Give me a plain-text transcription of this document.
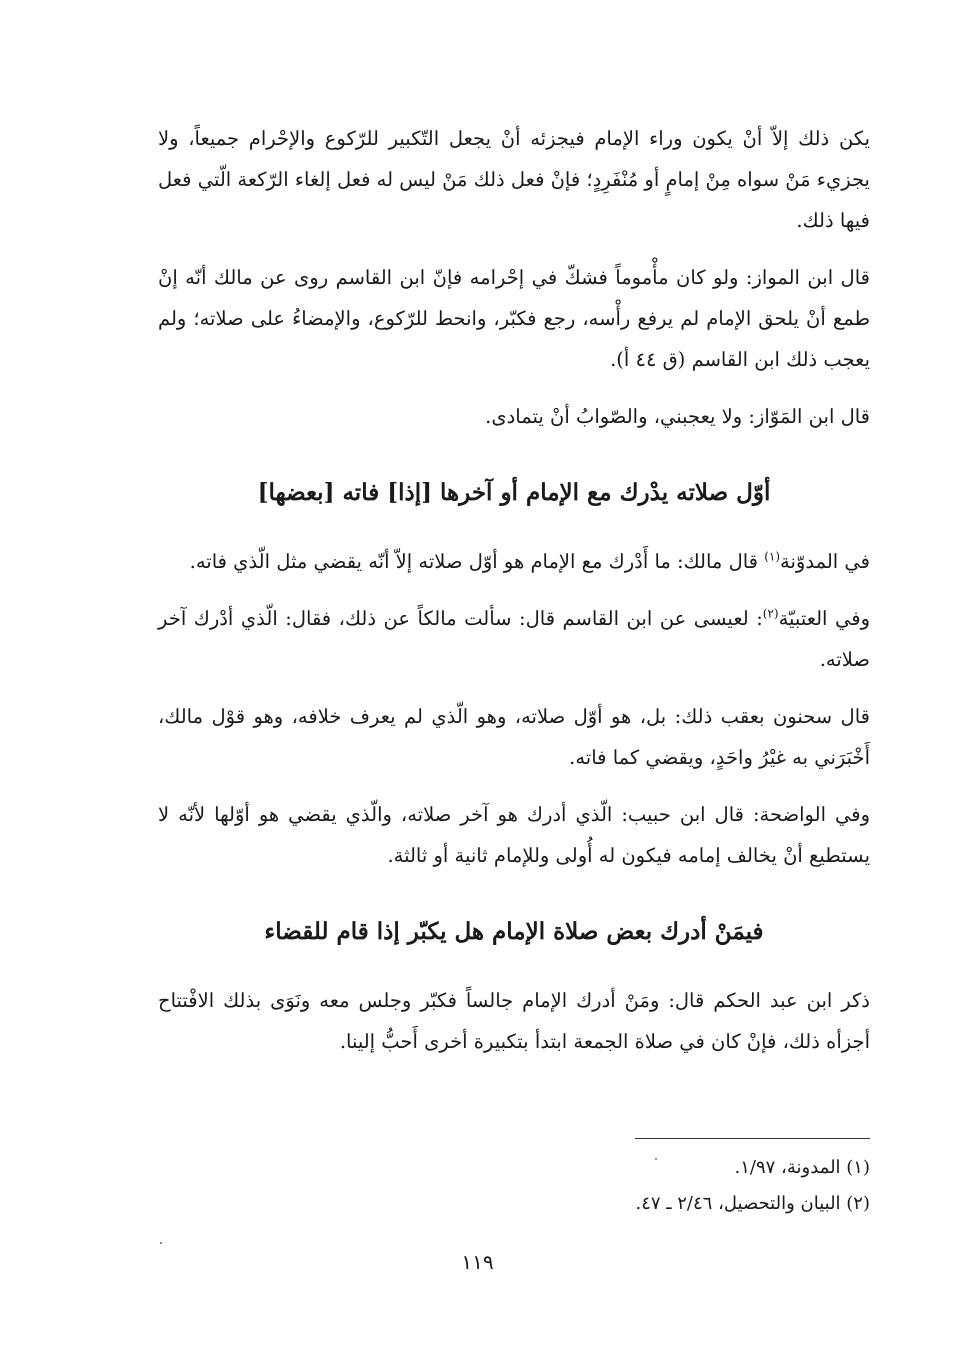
يكن ذلك إلاّ أنْ يكون وراء الإمام فيجزئه أنْ يجعل التّكبير للرّكوع والإحْرام جميعاً، ولا يجزيء مَنْ سواه مِنْ إمامٍ أو مُنْفَرِدٍ؛ فإنْ فعل ذلك مَنْ ليس له فعل إلغاء الرّكعة الّتي فعل فيها ذلك.

قال ابن المواز: ولو كان مأْموماً فشكّ في إحْرامه فإنّ ابن القاسم روى عن مالك أنّه إنْ طمع أنْ يلحق الإمام لم يرفع رأْسه، رجع فكبّر، وانحط للرّكوع، والإمضاءُ على صلاته؛ ولم يعجب ذلك ابن القاسم (ق ٤٤ أ).

قال ابن المَوّاز: ولا يعجبني، والصّوابُ أنْ يتمادى.

أوّل صلاته يدْرك مع الإمام أو آخرها [إذا] فاته [بعضها]

في المدوّنة$^{(١)}$ قال مالك: ما أَدْرك مع الإمام هو أوّل صلاته إلاّ أنّه يقضي مثل الّذي فاته.

وفي العتبيّة$^{(٢)}$: لعيسى عن ابن القاسم قال: سألت مالكاً عن ذلك، فقال: الّذي أدْرك آخر صلاته.

قال سحنون بعقب ذلك: بل، هو أوّل صلاته، وهو الّذي لم يعرف خلافه، وهو قوْل مالك، أَخْبَرَني به غيْرُ واحَدٍ، ويقضي كما فاته.

وفي الواضحة: قال ابن حبيب: الّذي أدرك هو آخر صلاته، والّذي يقضي هو أوّلها لأنّه لا يستطيع أنْ يخالف إمامه فيكون له أُولى وللإمام ثانية أو ثالثة.

فيمَنْ أدرك بعض صلاة الإمام هل يكبّر إذا قام للقضاء

ذكر ابن عبد الحكم قال: ومَنْ أدرك الإمام جالساً فكبّر وجلس معه ونَوَى بذلك الافْتتاح أجزأه ذلك، فإنْ كان في صلاة الجمعة ابتدأ بتكبيرة أخرى أَحبُّ إلينا.

(١) المدونة، ١/٩٧.
(٢) البيان والتحصيل، ٢/٤٦ ـ ٤٧.
١١٩
